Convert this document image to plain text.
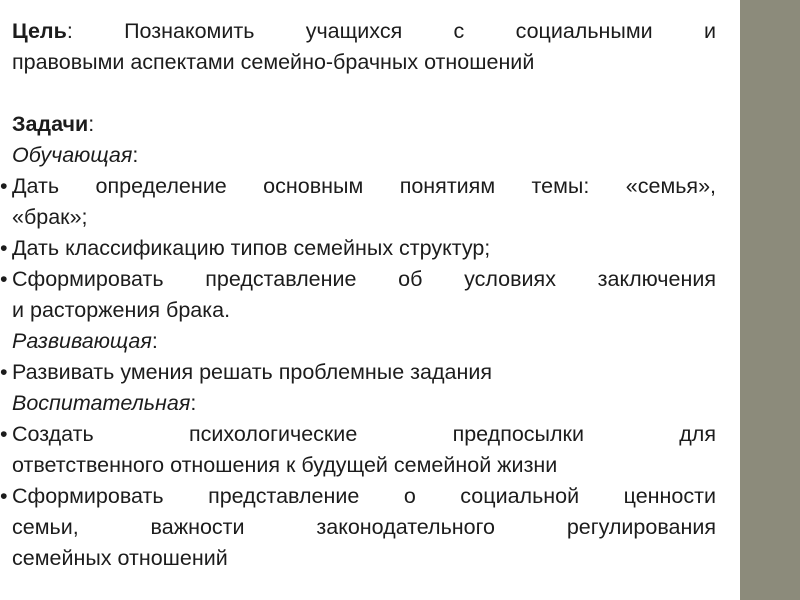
Цель: Познакомить учащихся с социальными и
правовыми аспектами семейно-брачных отношений
Задачи:
Обучающая:
• Дать определение основным понятиям темы: «семья»,
«брак»;
• Дать классификацию типов семейных структур;
• Сформировать представление об условиях заключения
и расторжения брака.
Развивающая:
• Развивать умения решать проблемные задания
Воспитательная:
• Создать психологические предпосылки для
ответственного отношения к будущей семейной жизни
• Сформировать представление о социальной ценности
семьи, важности законодательного регулирования
семейных отношений
